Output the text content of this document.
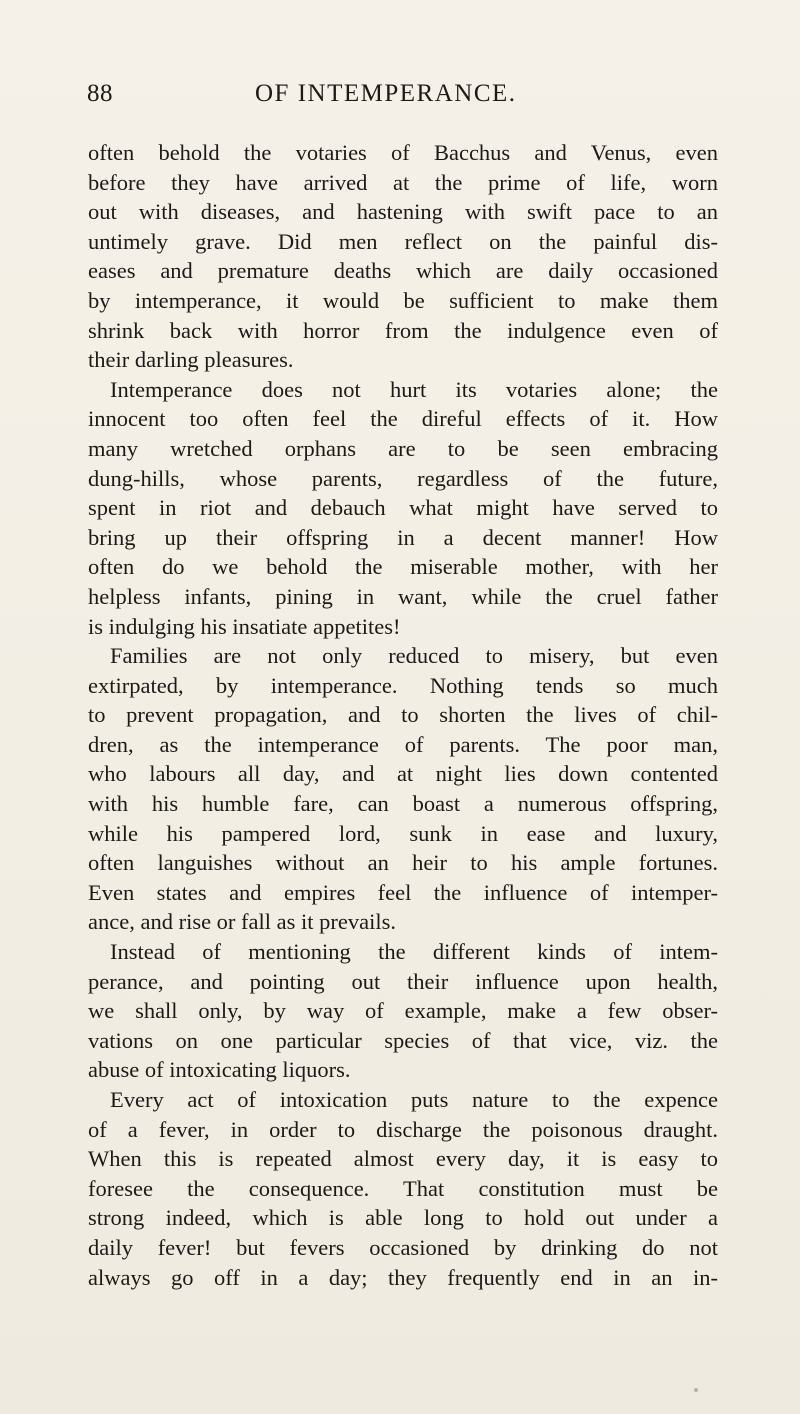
88	OF INTEMPERANCE.
often behold the votaries of Bacchus and Venus, even
before they have arrived at the prime of life, worn
out with diseases, and hastening with swift pace to an
untimely grave. Did men reflect on the painful dis-
eases and premature deaths which are daily occasioned
by intemperance, it would be sufficient to make them
shrink back with horror from the indulgence even of
their darling pleasures.
Intemperance does not hurt its votaries alone; the
innocent too often feel the direful effects of it. How
many wretched orphans are to be seen embracing
dung-hills, whose parents, regardless of the future,
spent in riot and debauch what might have served to
bring up their offspring in a decent manner! How
often do we behold the miserable mother, with her
helpless infants, pining in want, while the cruel father
is indulging his insatiate appetites!
Families are not only reduced to misery, but even
extirpated, by intemperance. Nothing tends so much
to prevent propagation, and to shorten the lives of chil-
dren, as the intemperance of parents. The poor man,
who labours all day, and at night lies down contented
with his humble fare, can boast a numerous offspring,
while his pampered lord, sunk in ease and luxury,
often languishes without an heir to his ample fortunes.
Even states and empires feel the influence of intemper-
ance, and rise or fall as it prevails.
Instead of mentioning the different kinds of intem-
perance, and pointing out their influence upon health,
we shall only, by way of example, make a few obser-
vations on one particular species of that vice, viz. the
abuse of intoxicating liquors.
Every act of intoxication puts nature to the expence
of a fever, in order to discharge the poisonous draught.
When this is repeated almost every day, it is easy to
foresee the consequence. That constitution must be
strong indeed, which is able long to hold out under a
daily fever! but fevers occasioned by drinking do not
always go off in a day; they frequently end in an in-
